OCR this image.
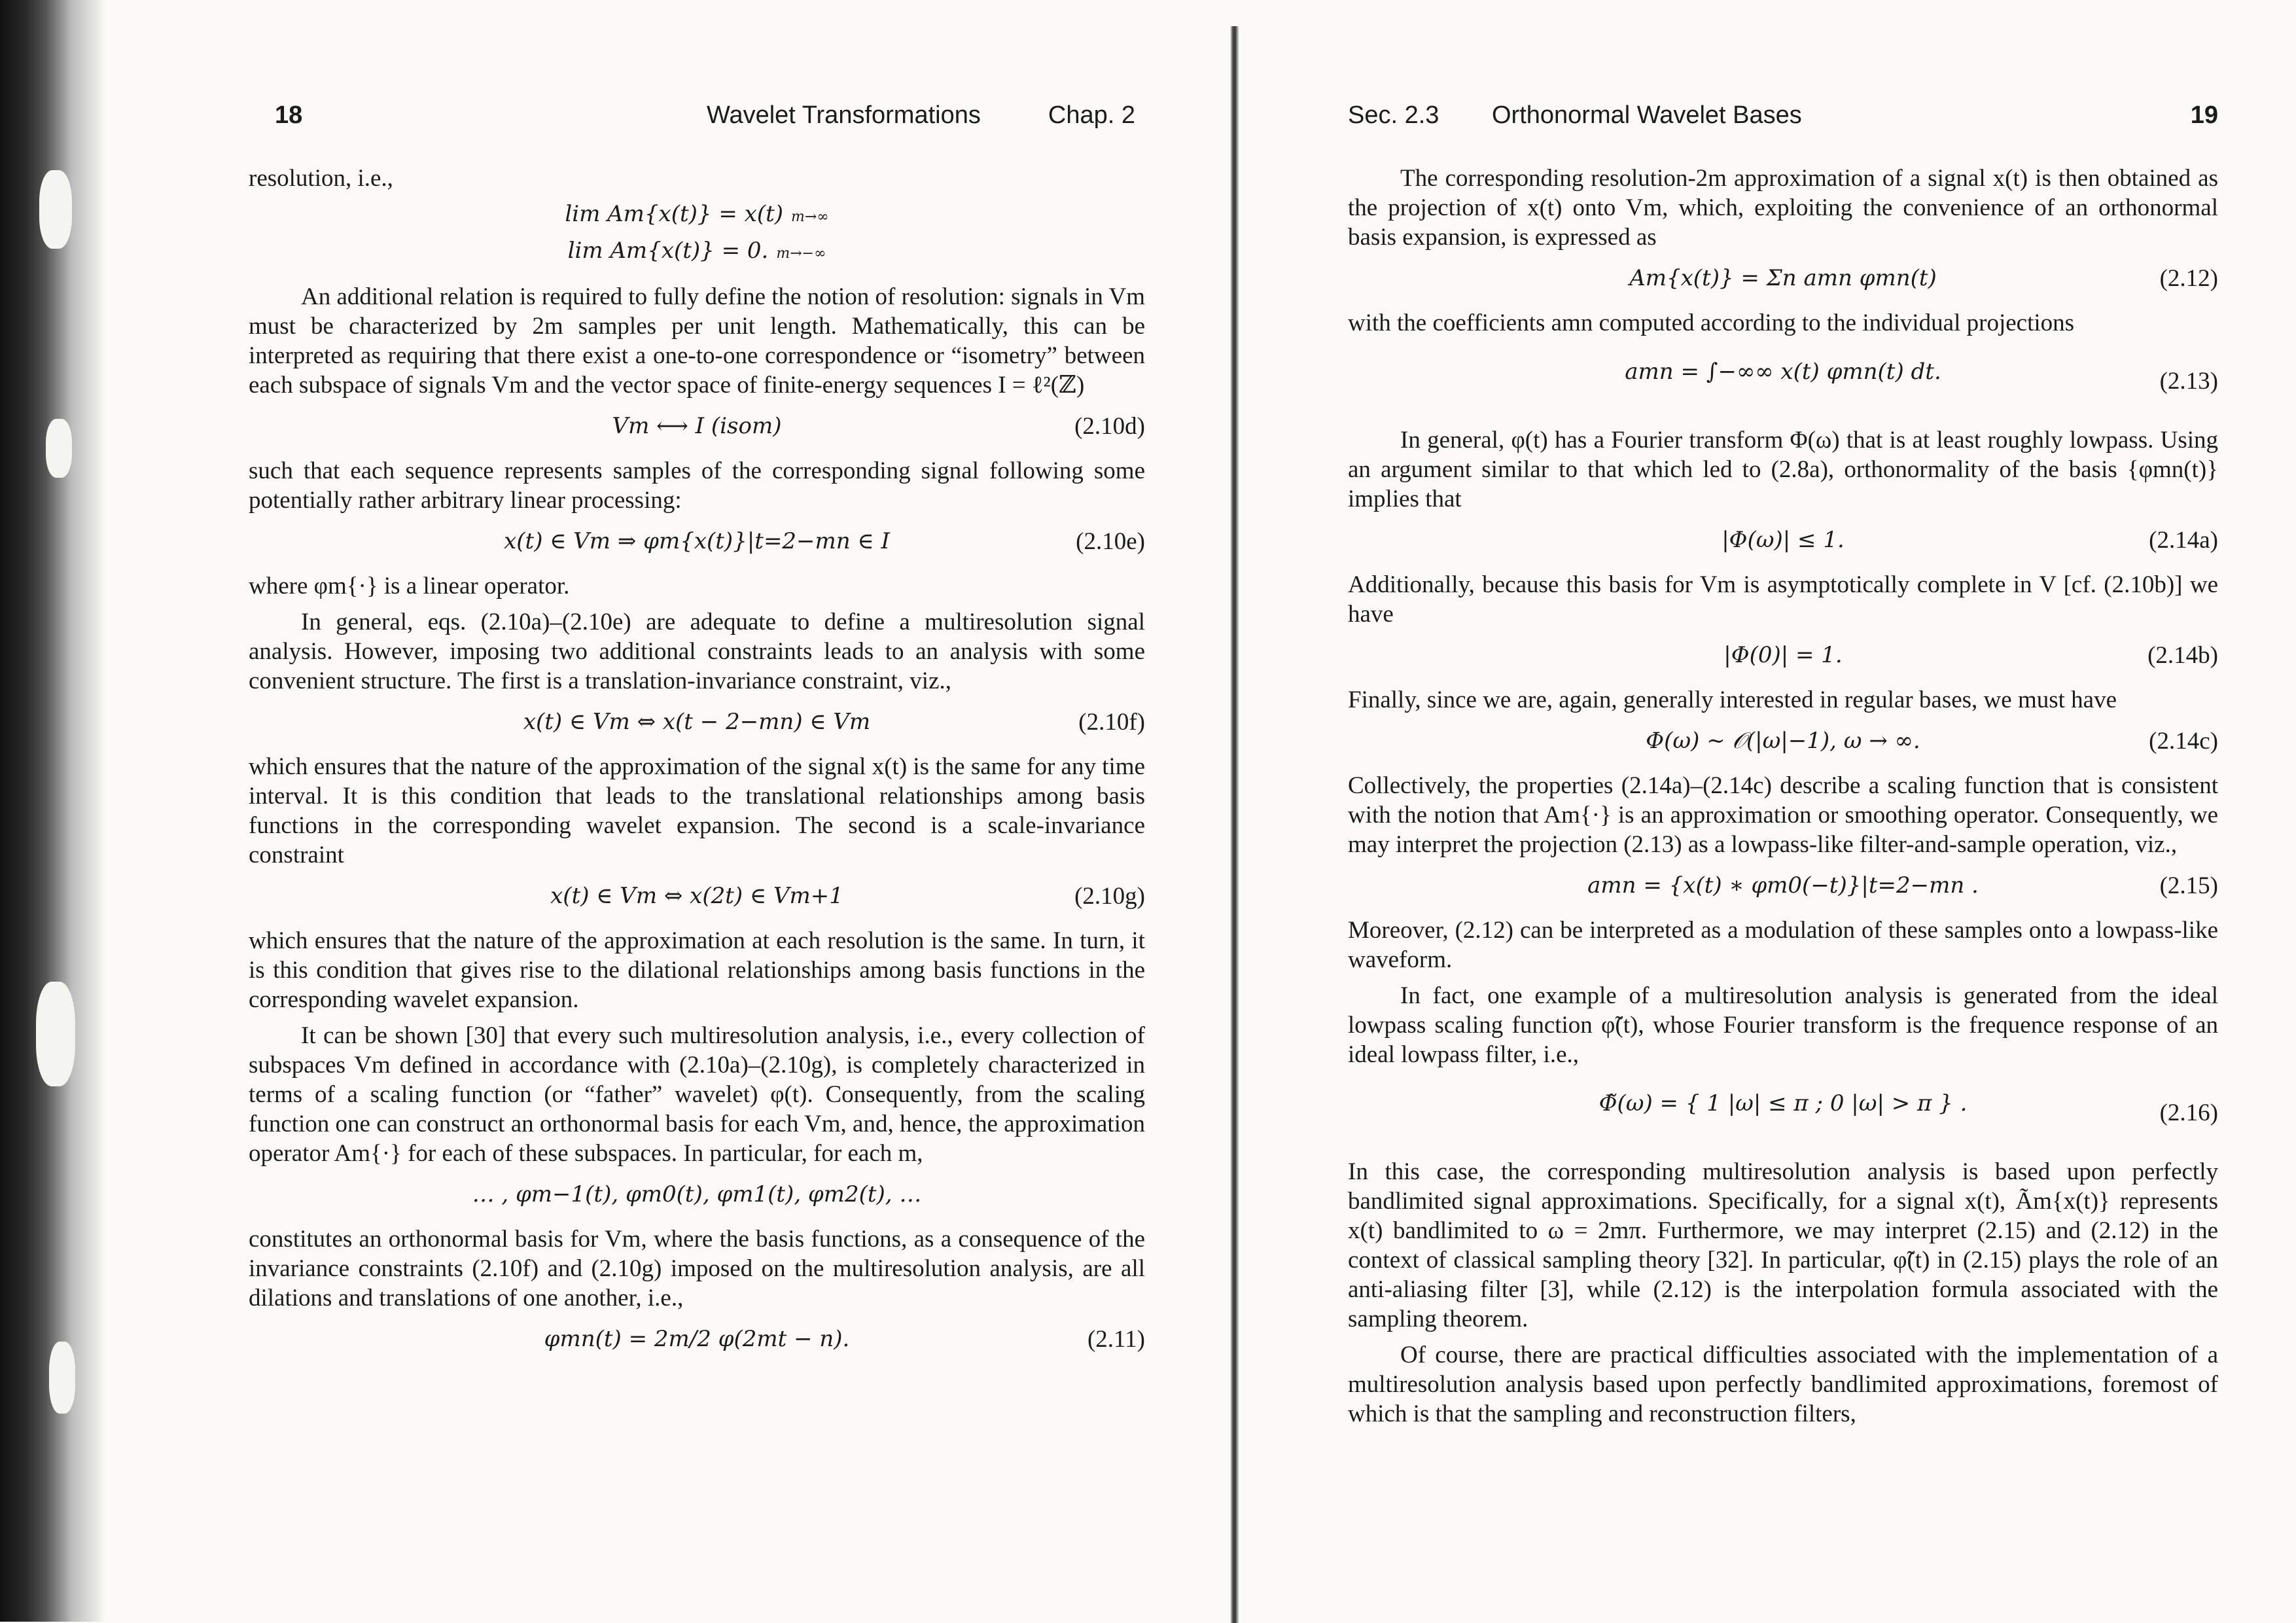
18	Wavelet Transformations	Chap. 2

resolution, i.e.,

lim Am{x(t)} = x(t) m→∞
lim Am{x(t)} = 0. m→−∞

An additional relation is required to fully define the notion of resolution: signals in Vm must be characterized by 2m samples per unit length. Mathematically, this can be interpreted as requiring that there exist a one-to-one correspondence or “isometry” between each subspace of signals Vm and the vector space of finite-energy sequences I = ℓ²(ℤ)

Vm ⟷ I (isom)	(2.10d)

such that each sequence represents samples of the corresponding signal following some potentially rather arbitrary linear processing:

x(t) ∈ Vm ⇒ φm{x(t)}|t=2−mn ∈ I	(2.10e)

where φm{·} is a linear operator.

In general, eqs. (2.10a)–(2.10e) are adequate to define a multiresolution signal analysis. However, imposing two additional constraints leads to an analysis with some convenient structure. The first is a translation-invariance constraint, viz.,

x(t) ∈ Vm ⇔ x(t − 2−mn) ∈ Vm	(2.10f)

which ensures that the nature of the approximation of the signal x(t) is the same for any time interval. It is this condition that leads to the translational relationships among basis functions in the corresponding wavelet expansion. The second is a scale-invariance constraint

x(t) ∈ Vm ⇔ x(2t) ∈ Vm+1	(2.10g)

which ensures that the nature of the approximation at each resolution is the same. In turn, it is this condition that gives rise to the dilational relationships among basis functions in the corresponding wavelet expansion.

It can be shown [30] that every such multiresolution analysis, i.e., every collection of subspaces Vm defined in accordance with (2.10a)–(2.10g), is completely characterized in terms of a scaling function (or “father” wavelet) φ(t). Consequently, from the scaling function one can construct an orthonormal basis for each Vm, and, hence, the approximation operator Am{·} for each of these subspaces. In particular, for each m,

… , φm−1(t), φm0(t), φm1(t), φm2(t), …

constitutes an orthonormal basis for Vm, where the basis functions, as a consequence of the invariance constraints (2.10f) and (2.10g) imposed on the multiresolution analysis, are all dilations and translations of one another, i.e.,

φmn(t) = 2m/2 φ(2mt − n).	(2.11)
Sec. 2.3 Orthonormal Wavelet Bases	19

The corresponding resolution-2m approximation of a signal x(t) is then obtained as the projection of x(t) onto Vm, which, exploiting the convenience of an orthonormal basis expansion, is expressed as

Am{x(t)} = Σn amn φmn(t)	(2.12)

with the coefficients amn computed according to the individual projections

amn = ∫−∞∞ x(t) φmn(t) dt.	(2.13)

In general, φ(t) has a Fourier transform Φ(ω) that is at least roughly lowpass. Using an argument similar to that which led to (2.8a), orthonormality of the basis {φmn(t)} implies that

|Φ(ω)| ≤ 1.	(2.14a)

Additionally, because this basis for Vm is asymptotically complete in V [cf. (2.10b)] we have

|Φ(0)| = 1.	(2.14b)

Finally, since we are, again, generally interested in regular bases, we must have

Φ(ω) ∼ 𝒪(|ω|−1), ω → ∞.	(2.14c)

Collectively, the properties (2.14a)–(2.14c) describe a scaling function that is consistent with the notion that Am{·} is an approximation or smoothing operator. Consequently, we may interpret the projection (2.13) as a lowpass-like filter-and-sample operation, viz.,

amn = {x(t) ∗ φm0(−t)}|t=2−mn .	(2.15)

Moreover, (2.12) can be interpreted as a modulation of these samples onto a lowpass-like waveform.

In fact, one example of a multiresolution analysis is generated from the ideal lowpass scaling function φ̃(t), whose Fourier transform is the frequence response of an ideal lowpass filter, i.e.,

Φ̃(ω) = { 1 |ω| ≤ π ; 0 |ω| > π } .	(2.16)

In this case, the corresponding multiresolution analysis is based upon perfectly bandlimited signal approximations. Specifically, for a signal x(t), Ãm{x(t)} represents x(t) bandlimited to ω = 2mπ. Furthermore, we may interpret (2.15) and (2.12) in the context of classical sampling theory [32]. In particular, φ̃(t) in (2.15) plays the role of an anti-aliasing filter [3], while (2.12) is the interpolation formula associated with the sampling theorem.

Of course, there are practical difficulties associated with the implementation of a multiresolution analysis based upon perfectly bandlimited approximations, foremost of which is that the sampling and reconstruction filters,
